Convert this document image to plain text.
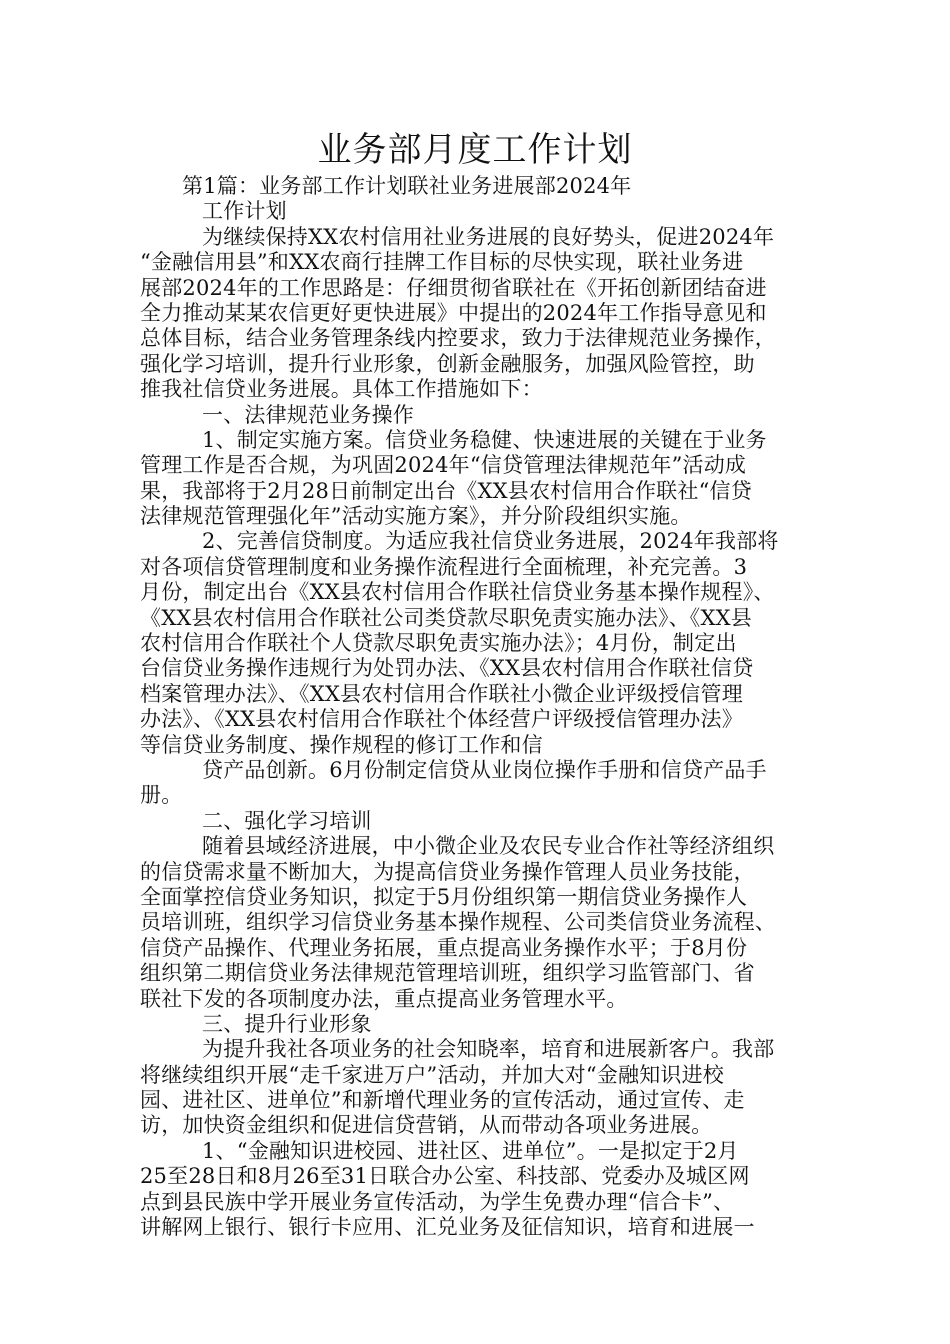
业务部月度工作计划
第1篇：业务部工作计划联社业务进展部2024年
工作计划
为继续保持XX农村信用社业务进展的良好势头，促进2024年
“金融信用县”和XX农商行挂牌工作目标的尽快实现，联社业务进
展部2024年的工作思路是：仔细贯彻省联社在《开拓创新团结奋进
全力推动某某农信更好更快进展》中提出的2024年工作指导意见和
总体目标，结合业务管理条线内控要求，致力于法律规范业务操作，
强化学习培训，提升行业形象，创新金融服务，加强风险管控，助
推我社信贷业务进展。具体工作措施如下：
一、法律规范业务操作
1、制定实施方案。信贷业务稳健、快速进展的关键在于业务
管理工作是否合规，为巩固2024年“信贷管理法律规范年”活动成
果，我部将于2月28日前制定出台《XX县农村信用合作联社“信贷
法律规范管理强化年”活动实施方案》，并分阶段组织实施。
2、完善信贷制度。为适应我社信贷业务进展，2024年我部将
对各项信贷管理制度和业务操作流程进行全面梳理，补充完善。3
月份，制定出台《XX县农村信用合作联社信贷业务基本操作规程》、
《XX县农村信用合作联社公司类贷款尽职免责实施办法》、《XX县
农村信用合作联社个人贷款尽职免责实施办法》；4月份，制定出
台信贷业务操作违规行为处罚办法、《XX县农村信用合作联社信贷
档案管理办法》、《XX县农村信用合作联社小微企业评级授信管理
办法》、《XX县农村信用合作联社个体经营户评级授信管理办法》
等信贷业务制度、操作规程的修订工作和信
贷产品创新。6月份制定信贷从业岗位操作手册和信贷产品手
册。
二、强化学习培训
随着县域经济进展，中小微企业及农民专业合作社等经济组织
的信贷需求量不断加大，为提高信贷业务操作管理人员业务技能，
全面掌控信贷业务知识，拟定于5月份组织第一期信贷业务操作人
员培训班，组织学习信贷业务基本操作规程、公司类信贷业务流程、
信贷产品操作、代理业务拓展，重点提高业务操作水平；于8月份
组织第二期信贷业务法律规范管理培训班，组织学习监管部门、省
联社下发的各项制度办法，重点提高业务管理水平。
三、提升行业形象
为提升我社各项业务的社会知晓率，培育和进展新客户。我部
将继续组织开展“走千家进万户”活动，并加大对“金融知识进校
园、进社区、进单位”和新增代理业务的宣传活动，通过宣传、走
访，加快资金组织和促进信贷营销，从而带动各项业务进展。
1、“金融知识进校园、进社区、进单位”。一是拟定于2月
25至28日和8月26至31日联合办公室、科技部、党委办及城区网
点到县民族中学开展业务宣传活动，为学生免费办理“信合卡”、
讲解网上银行、银行卡应用、汇兑业务及征信知识，培育和进展一
